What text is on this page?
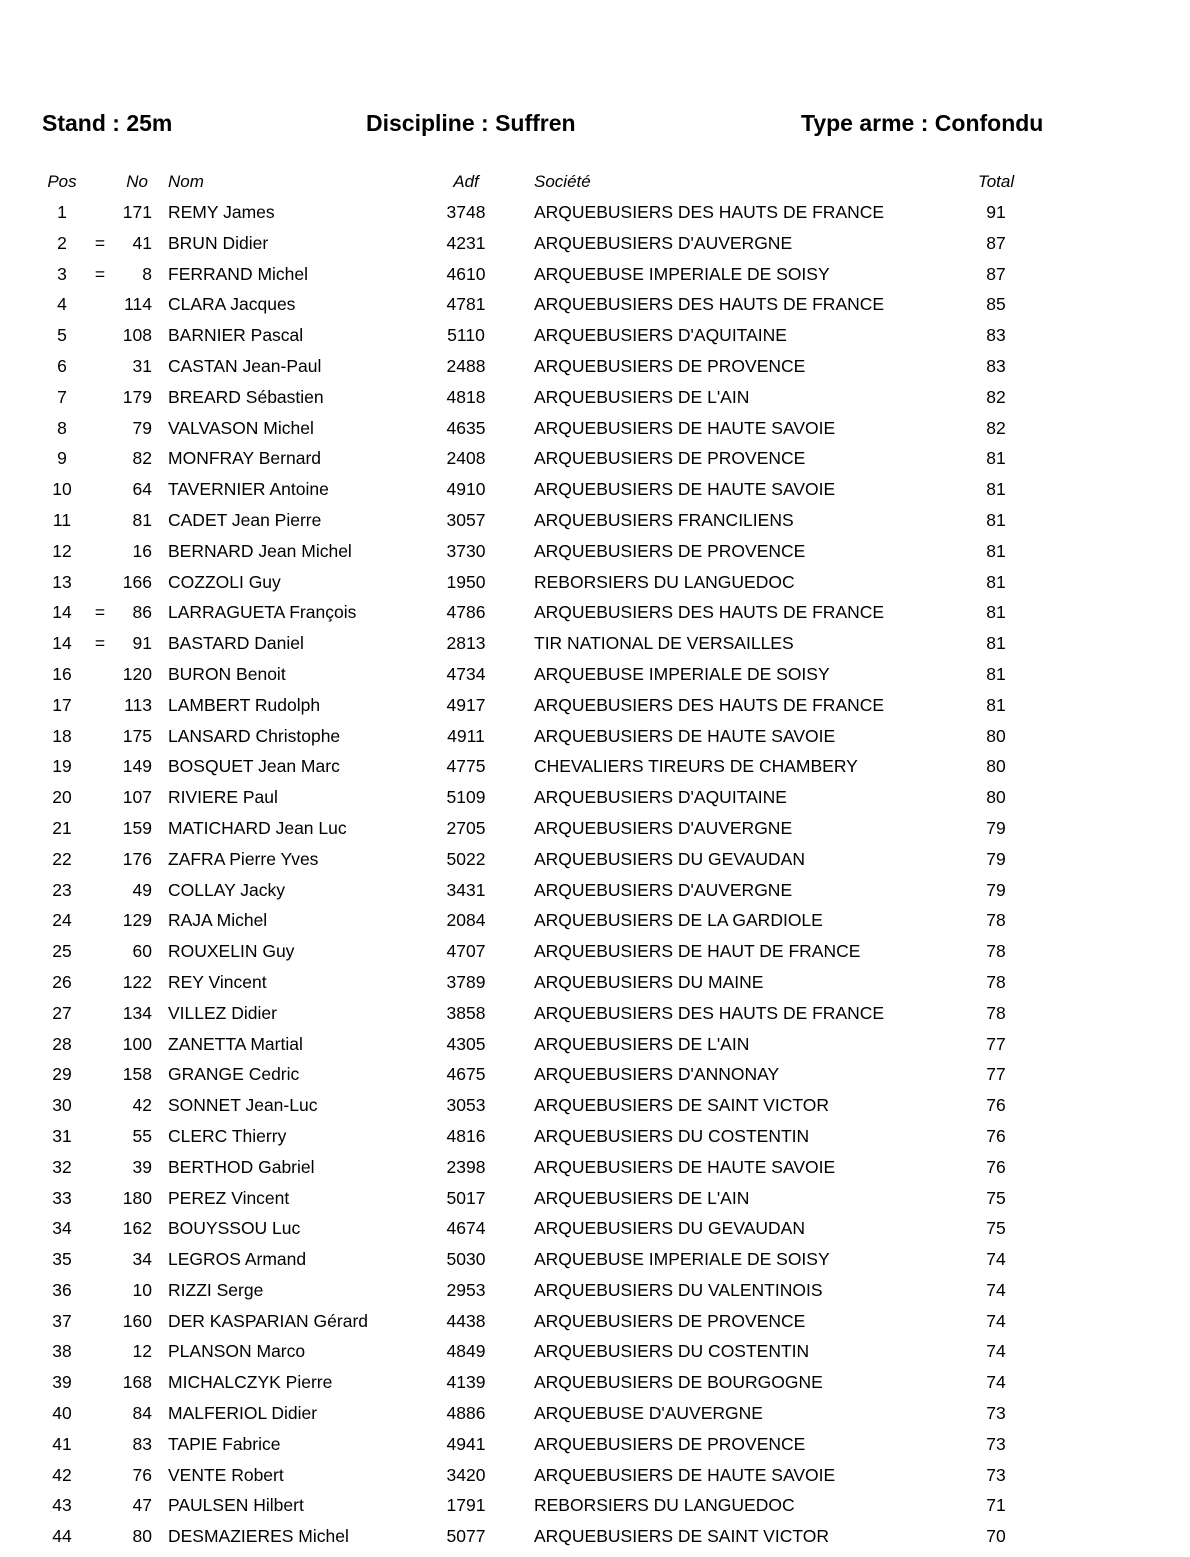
Stand : 25m	Discipline : Suffren	Type arme : Confondu
Pos	No Nom	Adf	Société	Total
1	171 REMY James	3748	ARQUEBUSIERS DES HAUTS DE FRANCE	91
2	=	41 BRUN Didier	4231	ARQUEBUSIERS D'AUVERGNE	87
3	=	8 FERRAND Michel	4610	ARQUEBUSE IMPERIALE DE SOISY	87
4	114 CLARA Jacques	4781	ARQUEBUSIERS DES HAUTS DE FRANCE	85
5	108 BARNIER Pascal	5110	ARQUEBUSIERS D'AQUITAINE	83
6	31 CASTAN Jean-Paul	2488	ARQUEBUSIERS DE PROVENCE	83
7	179 BREARD Sébastien	4818	ARQUEBUSIERS DE L'AIN	82
8	79 VALVASON Michel	4635	ARQUEBUSIERS DE HAUTE SAVOIE	82
9	82 MONFRAY Bernard	2408	ARQUEBUSIERS DE PROVENCE	81
10	64 TAVERNIER Antoine	4910	ARQUEBUSIERS DE HAUTE SAVOIE	81
11	81 CADET Jean Pierre	3057	ARQUEBUSIERS FRANCILIENS	81
12	16 BERNARD Jean Michel	3730	ARQUEBUSIERS DE PROVENCE	81
13	166 COZZOLI Guy	1950	REBORSIERS DU LANGUEDOC	81
14	=	86 LARRAGUETA François	4786	ARQUEBUSIERS DES HAUTS DE FRANCE	81
14	=	91 BASTARD Daniel	2813	TIR NATIONAL DE VERSAILLES	81
16	120 BURON Benoit	4734	ARQUEBUSE IMPERIALE DE SOISY	81
17	113 LAMBERT Rudolph	4917	ARQUEBUSIERS DES HAUTS DE FRANCE	81
18	175 LANSARD Christophe	4911	ARQUEBUSIERS DE HAUTE SAVOIE	80
19	149 BOSQUET Jean Marc	4775	CHEVALIERS TIREURS DE CHAMBERY	80
20	107 RIVIERE Paul	5109	ARQUEBUSIERS D'AQUITAINE	80
21	159 MATICHARD Jean Luc	2705	ARQUEBUSIERS D'AUVERGNE	79
22	176 ZAFRA Pierre Yves	5022	ARQUEBUSIERS DU GEVAUDAN	79
23	49 COLLAY Jacky	3431	ARQUEBUSIERS D'AUVERGNE	79
24	129 RAJA Michel	2084	ARQUEBUSIERS DE LA GARDIOLE	78
25	60 ROUXELIN Guy	4707	ARQUEBUSIERS DE HAUT DE FRANCE	78
26	122 REY Vincent	3789	ARQUEBUSIERS DU MAINE	78
27	134 VILLEZ Didier	3858	ARQUEBUSIERS DES HAUTS DE FRANCE	78
28	100 ZANETTA Martial	4305	ARQUEBUSIERS DE L'AIN	77
29	158 GRANGE Cedric	4675	ARQUEBUSIERS D'ANNONAY	77
30	42 SONNET Jean-Luc	3053	ARQUEBUSIERS DE SAINT VICTOR	76
31	55 CLERC Thierry	4816	ARQUEBUSIERS DU COSTENTIN	76
32	39 BERTHOD Gabriel	2398	ARQUEBUSIERS DE HAUTE SAVOIE	76
33	180 PEREZ Vincent	5017	ARQUEBUSIERS DE L'AIN	75
34	162 BOUYSSOU Luc	4674	ARQUEBUSIERS DU GEVAUDAN	75
35	34 LEGROS Armand	5030	ARQUEBUSE IMPERIALE DE SOISY	74
36	10 RIZZI Serge	2953	ARQUEBUSIERS DU VALENTINOIS	74
37	160 DER KASPARIAN Gérard	4438	ARQUEBUSIERS DE PROVENCE	74
38	12 PLANSON Marco	4849	ARQUEBUSIERS DU COSTENTIN	74
39	168 MICHALCZYK Pierre	4139	ARQUEBUSIERS DE BOURGOGNE	74
40	84 MALFERIOL Didier	4886	ARQUEBUSE D'AUVERGNE	73
41	83 TAPIE Fabrice	4941	ARQUEBUSIERS DE PROVENCE	73
42	76 VENTE Robert	3420	ARQUEBUSIERS DE HAUTE SAVOIE	73
43	47 PAULSEN Hilbert	1791	REBORSIERS DU LANGUEDOC	71
44	80 DESMAZIERES Michel	5077	ARQUEBUSIERS DE SAINT VICTOR	70
